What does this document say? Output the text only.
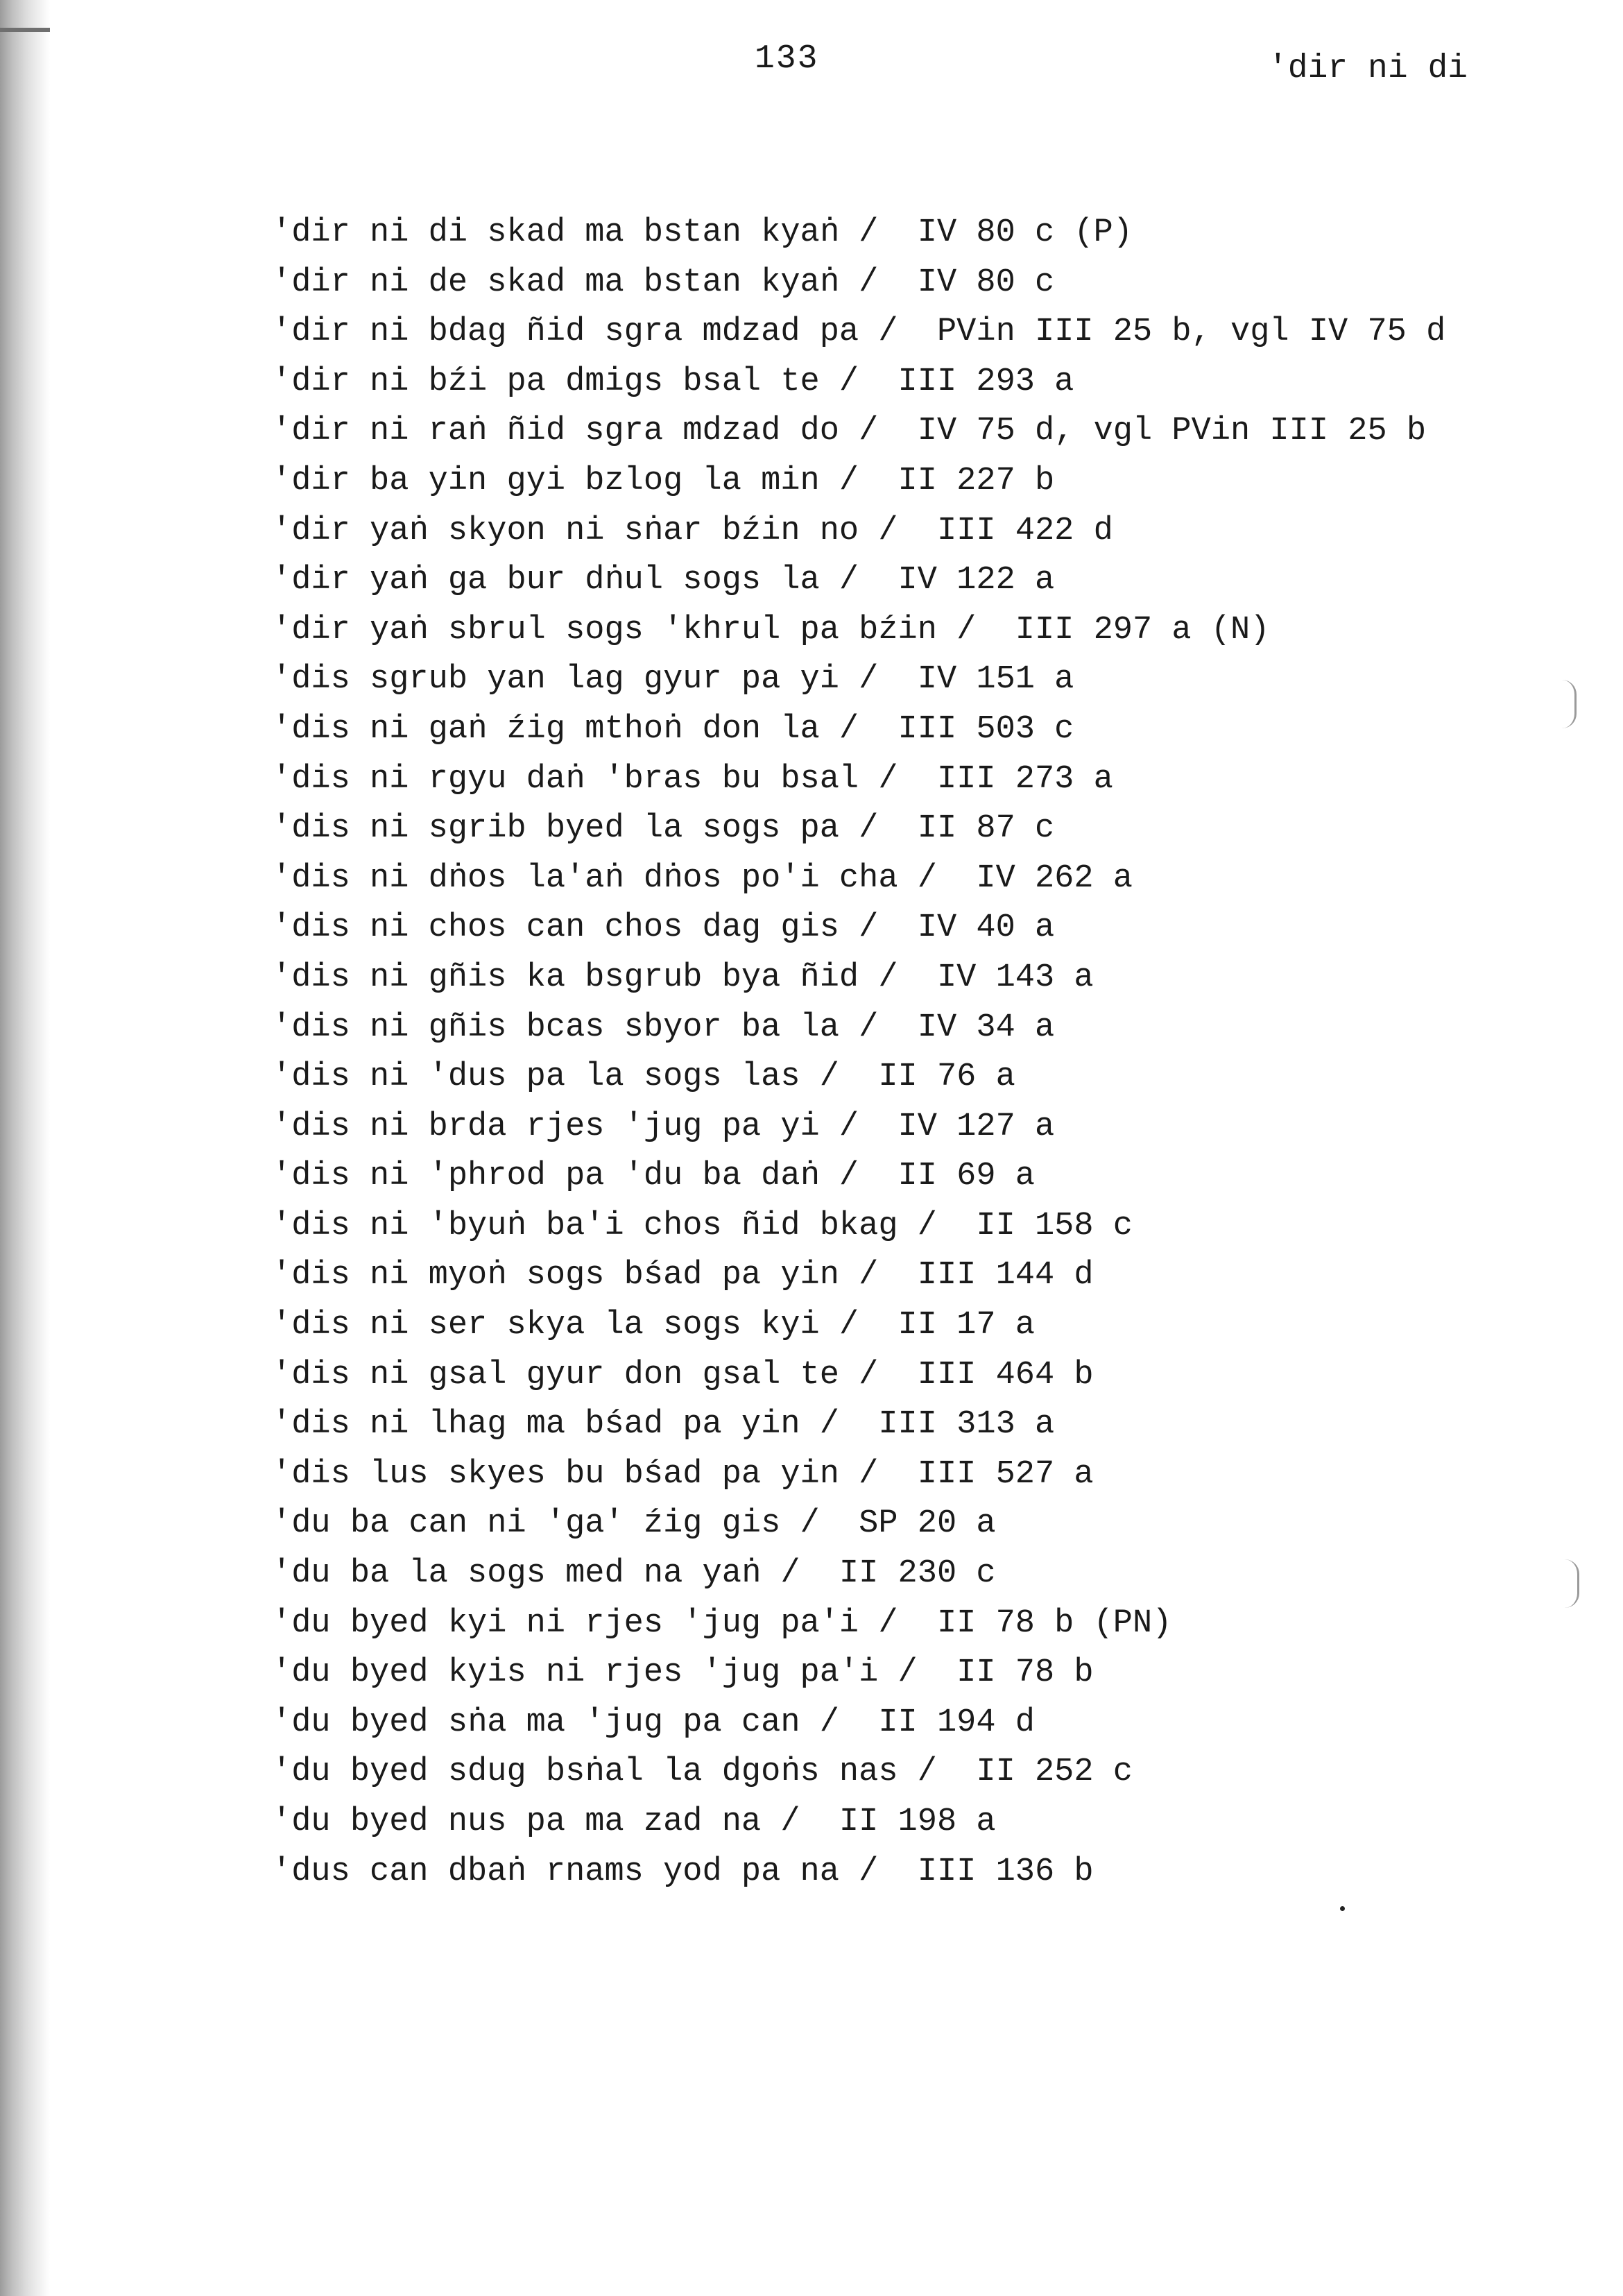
133	'dir ni di
'dir ni di skad ma bstan kyaṅ /  IV 80 c (P)
'dir ni de skad ma bstan kyaṅ /  IV 80 c
'dir ni bdag ñid sgra mdzad pa /  PVin III 25 b, vgl IV 75 d
'dir ni bźi pa dmigs bsal te /  III 293 a
'dir ni raṅ ñid sgra mdzad do /  IV 75 d, vgl PVin III 25 b
'dir ba yin gyi bzlog la min /  II 227 b
'dir yaṅ skyon ni sṅar bźin no /  III 422 d
'dir yaṅ ga bur dṅul sogs la /  IV 122 a
'dir yaṅ sbrul sogs 'khrul pa bźin /  III 297 a (N)
'dis sgrub yan lag gyur pa yi /  IV 151 a
'dis ni gaṅ źig mthoṅ don la /  III 503 c
'dis ni rgyu daṅ 'bras bu bsal /  III 273 a
'dis ni sgrib byed la sogs pa /  II 87 c
'dis ni dṅos la'aṅ dṅos po'i cha /  IV 262 a
'dis ni chos can chos dag gis /  IV 40 a
'dis ni gñis ka bsgrub bya ñid /  IV 143 a
'dis ni gñis bcas sbyor ba la /  IV 34 a
'dis ni 'dus pa la sogs las /  II 76 a
'dis ni brda rjes 'jug pa yi /  IV 127 a
'dis ni 'phrod pa 'du ba daṅ /  II 69 a
'dis ni 'byuṅ ba'i chos ñid bkag /  II 158 c
'dis ni myoṅ sogs bśad pa yin /  III 144 d
'dis ni ser skya la sogs kyi /  II 17 a
'dis ni gsal gyur don gsal te /  III 464 b
'dis ni lhag ma bśad pa yin /  III 313 a
'dis lus skyes bu bśad pa yin /  III 527 a
'du ba can ni 'ga' źig gis /  SP 20 a
'du ba la sogs med na yaṅ /  II 230 c
'du byed kyi ni rjes 'jug pa'i /  II 78 b (PN)
'du byed kyis ni rjes 'jug pa'i /  II 78 b
'du byed sṅa ma 'jug pa can /  II 194 d
'du byed sdug bsṅal la dgoṅs nas /  II 252 c
'du byed nus pa ma zad na /  II 198 a
'dus can dbaṅ rnams yod pa na /  III 136 b
